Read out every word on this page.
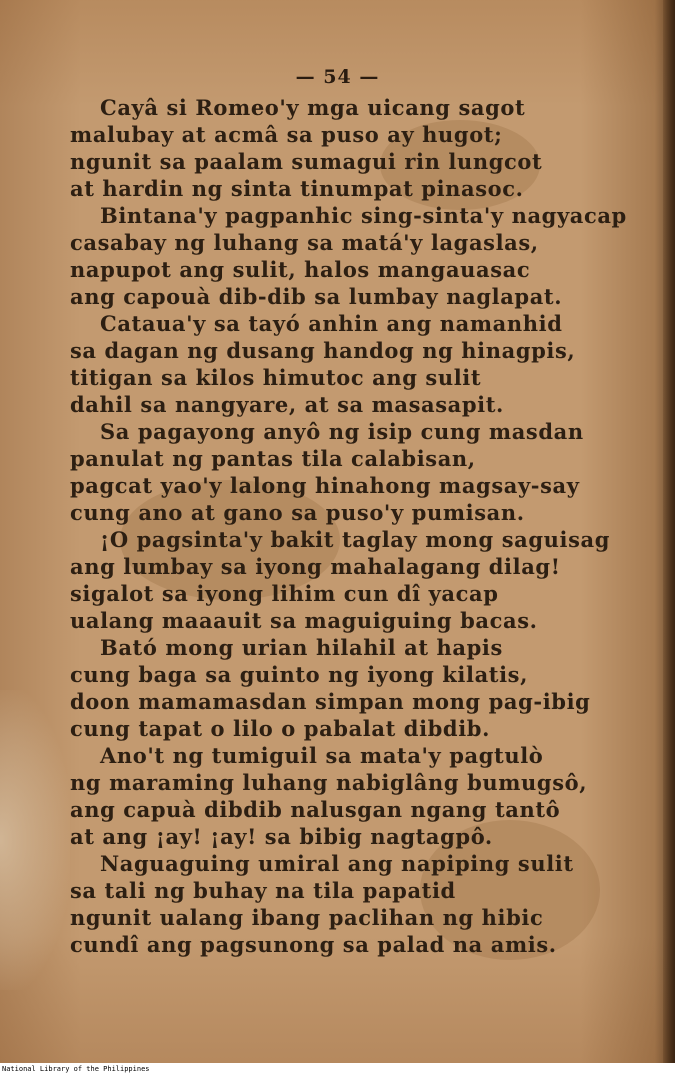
— 54 —
Cayâ si Romeo'y mga uicang sagot
malubay at acmâ sa puso ay hugot;
ngunit sa paalam sumagui rin lungcot
at hardin ng sinta tinumpat pinasoc.
Bintana'y pagpanhic sing-sinta'y nagyacap
casabay ng luhang sa matá'y lagaslas,
napupot ang sulit, halos mangauasac
ang capouà dib-dib sa lumbay naglapat.
Cataua'y sa tayó anhin ang namanhid
sa dagan ng dusang handog ng hinagpis,
titigan sa kilos himutoc ang sulit
dahil sa nangyare, at sa masasapit.
Sa pagayong anyô ng isip cung masdan
panulat ng pantas tila calabisan,
pagcat yao'y lalong hinahong magsay-say
cung ano at gano sa puso'y pumisan.
¡O pagsinta'y bakit taglay mong saguisag
ang lumbay sa iyong mahalagang dilag!
sigalot sa iyong lihim cun dî yacap
ualang maaauit sa maguiguing bacas.
Bató mong urian hilahil at hapis
cung baga sa guinto ng iyong kilatis,
doon mamamasdan simpan mong pag-ibig
cung tapat o lilo o pabalat dibdib.
Ano't ng tumiguil sa mata'y pagtulò
ng maraming luhang nabiglâng bumugsô,
ang capuà dibdib nalusgan ngang tantô
at ang ¡ay! ¡ay! sa bibig nagtagpô.
Naguaguing umiral ang napiping sulit
sa tali ng buhay na tila papatid
ngunit ualang ibang paclihan ng hibic
cundî ang pagsunong sa palad na amis.
National Library of the Philippines
